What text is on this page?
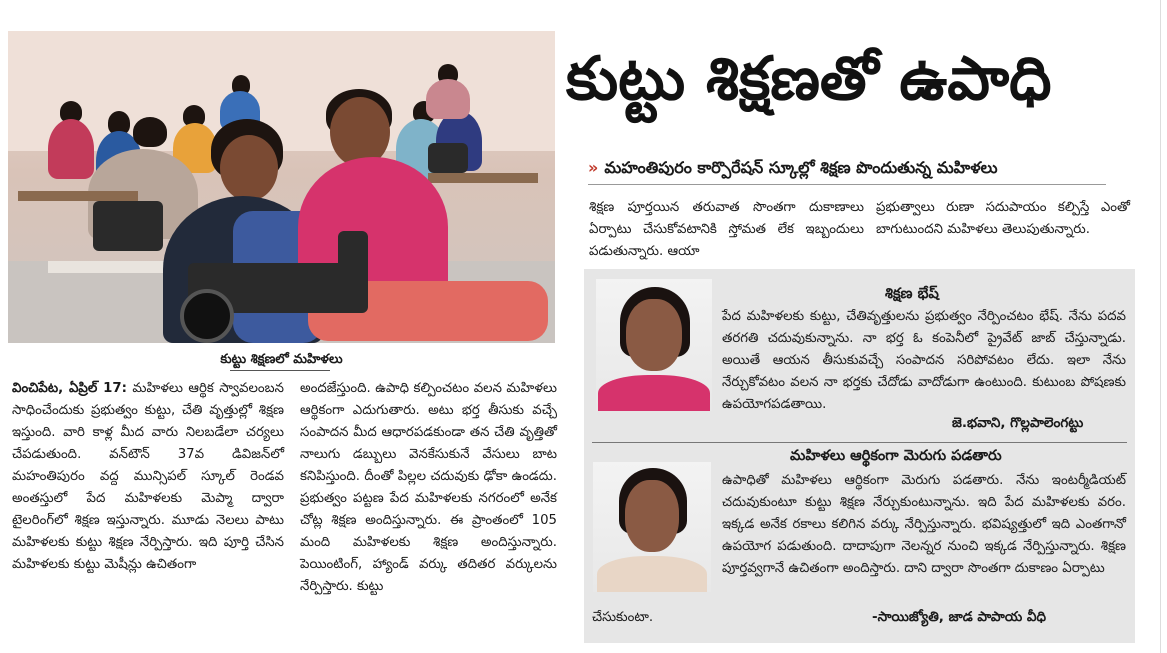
కుట్టు శిక్షణలో మహిళలు
కుట్టు శిక్షణతో ఉపాధి
» మహంతిపురం కార్పొరేషన్ స్కూల్లో శిక్షణ పొందుతున్న మహిళలు
శిక్షణ పూర్తయిన తరువాత సొంతగా దుకాణాలు ఏర్పాటు చేసుకోవటానికి స్తోమత లేక ఇబ్బందులు పడుతున్నారు. ఆయా
ప్రభుత్వాలు రుణా సదుపాయం కల్పిస్తే ఎంతో బాగుటుందని మహిళలు తెలుపుతున్నారు.
శిక్షణ భేష్
పేద మహిళలకు కుట్టు, చేతివృత్తులను ప్రభుత్వం నేర్పించటం భేష్. నేను పదవ తరగతి చదువుకున్నాను. నా భర్త ఓ కంపెనీలో ప్రైవేట్ జాబ్ చేస్తున్నాడు. అయితే ఆయన తీసుకువచ్చే సంపాదన సరిపోవటం లేదు. ఇలా నేను నేర్చుకోవటం వలన నా భర్తకు చేదోడు వాదోడుగా ఉంటుంది. కుటుంబ పోషణకు ఉపయోగపడతాయి.
జె.భవాని, గొల్లపాలెంగట్టు
మహిళలు ఆర్థికంగా మెరుగు పడతారు
ఉపాధితో మహిళలు ఆర్థికంగా మెరుగు పడతారు. నేను ఇంటర్మీడియట్ చదువుకుంటూ కుట్టు శిక్షణ నేర్చుకుంటున్నాను. ఇది పేద మహిళలకు వరం. ఇక్కడ అనేక రకాలు కలిగిన వర్కు నేర్పిస్తున్నారు. భవిష్యత్తులో ఇది ఎంతగానో ఉపయోగ పడుతుంది. దాదాపుగా నెలన్నర నుంచి ఇక్కడ నేర్పిస్తున్నారు. శిక్షణ పూర్తవ్వగానే ఉచితంగా అందిస్తారు. దాని ద్వారా సొంతగా దుకాణం ఏర్పాటు
చేసుకుంటా.	-సాయిజ్యోతి, జాడ పాపాయ వీధి
వించిపేట, ఏప్రిల్ 17: మహిళలు ఆర్థిక స్వావలంబన సాధించేందుకు ప్రభుత్వం కుట్టు, చేతి వృత్తుల్లో శిక్షణ ఇస్తుంది. వారి కాళ్ల మీద వారు నిలబడేలా చర్యలు చేపడుతుంది. వన్‌టౌన్ 37వ డివిజన్‌లో మహంతిపురం వద్ద మున్సిపల్ స్కూల్ రెండవ అంతస్తులో పేద మహిళలకు మెప్మా ద్వారా టైలరింగ్‌లో శిక్షణ ఇస్తున్నారు. మూడు నెలలు పాటు మహిళలకు కుట్టు శిక్షణ నేర్పిస్తారు. ఇది పూర్తి చేసిన మహిళలకు కుట్టు మెషీన్లు ఉచితంగా
అందజేస్తుంది. ఉపాధి కల్పించటం వలన మహిళలు ఆర్థికంగా ఎదుగుతారు. అటు భర్త తీసుకు వచ్చే సంపాదన మీద ఆధారపడకుండా తన చేతి వృత్తితో నాలుగు డబ్బులు వెనకేసుకునే వేసులు బాట కనిపిస్తుంది. దీంతో పిల్లల చదువుకు ఢోకా ఉండదు. ప్రభుత్వం పట్టణ పేద మహిళలకు నగరంలో అనేక చోట్ల శిక్షణ అందిస్తున్నారు. ఈ ప్రాంతంలో 105 మంది మహిళలకు శిక్షణ అందిస్తున్నారు. పెయింటింగ్, హ్యాండ్ వర్కు తదితర వర్కులను నేర్పిస్తారు. కుట్టు
